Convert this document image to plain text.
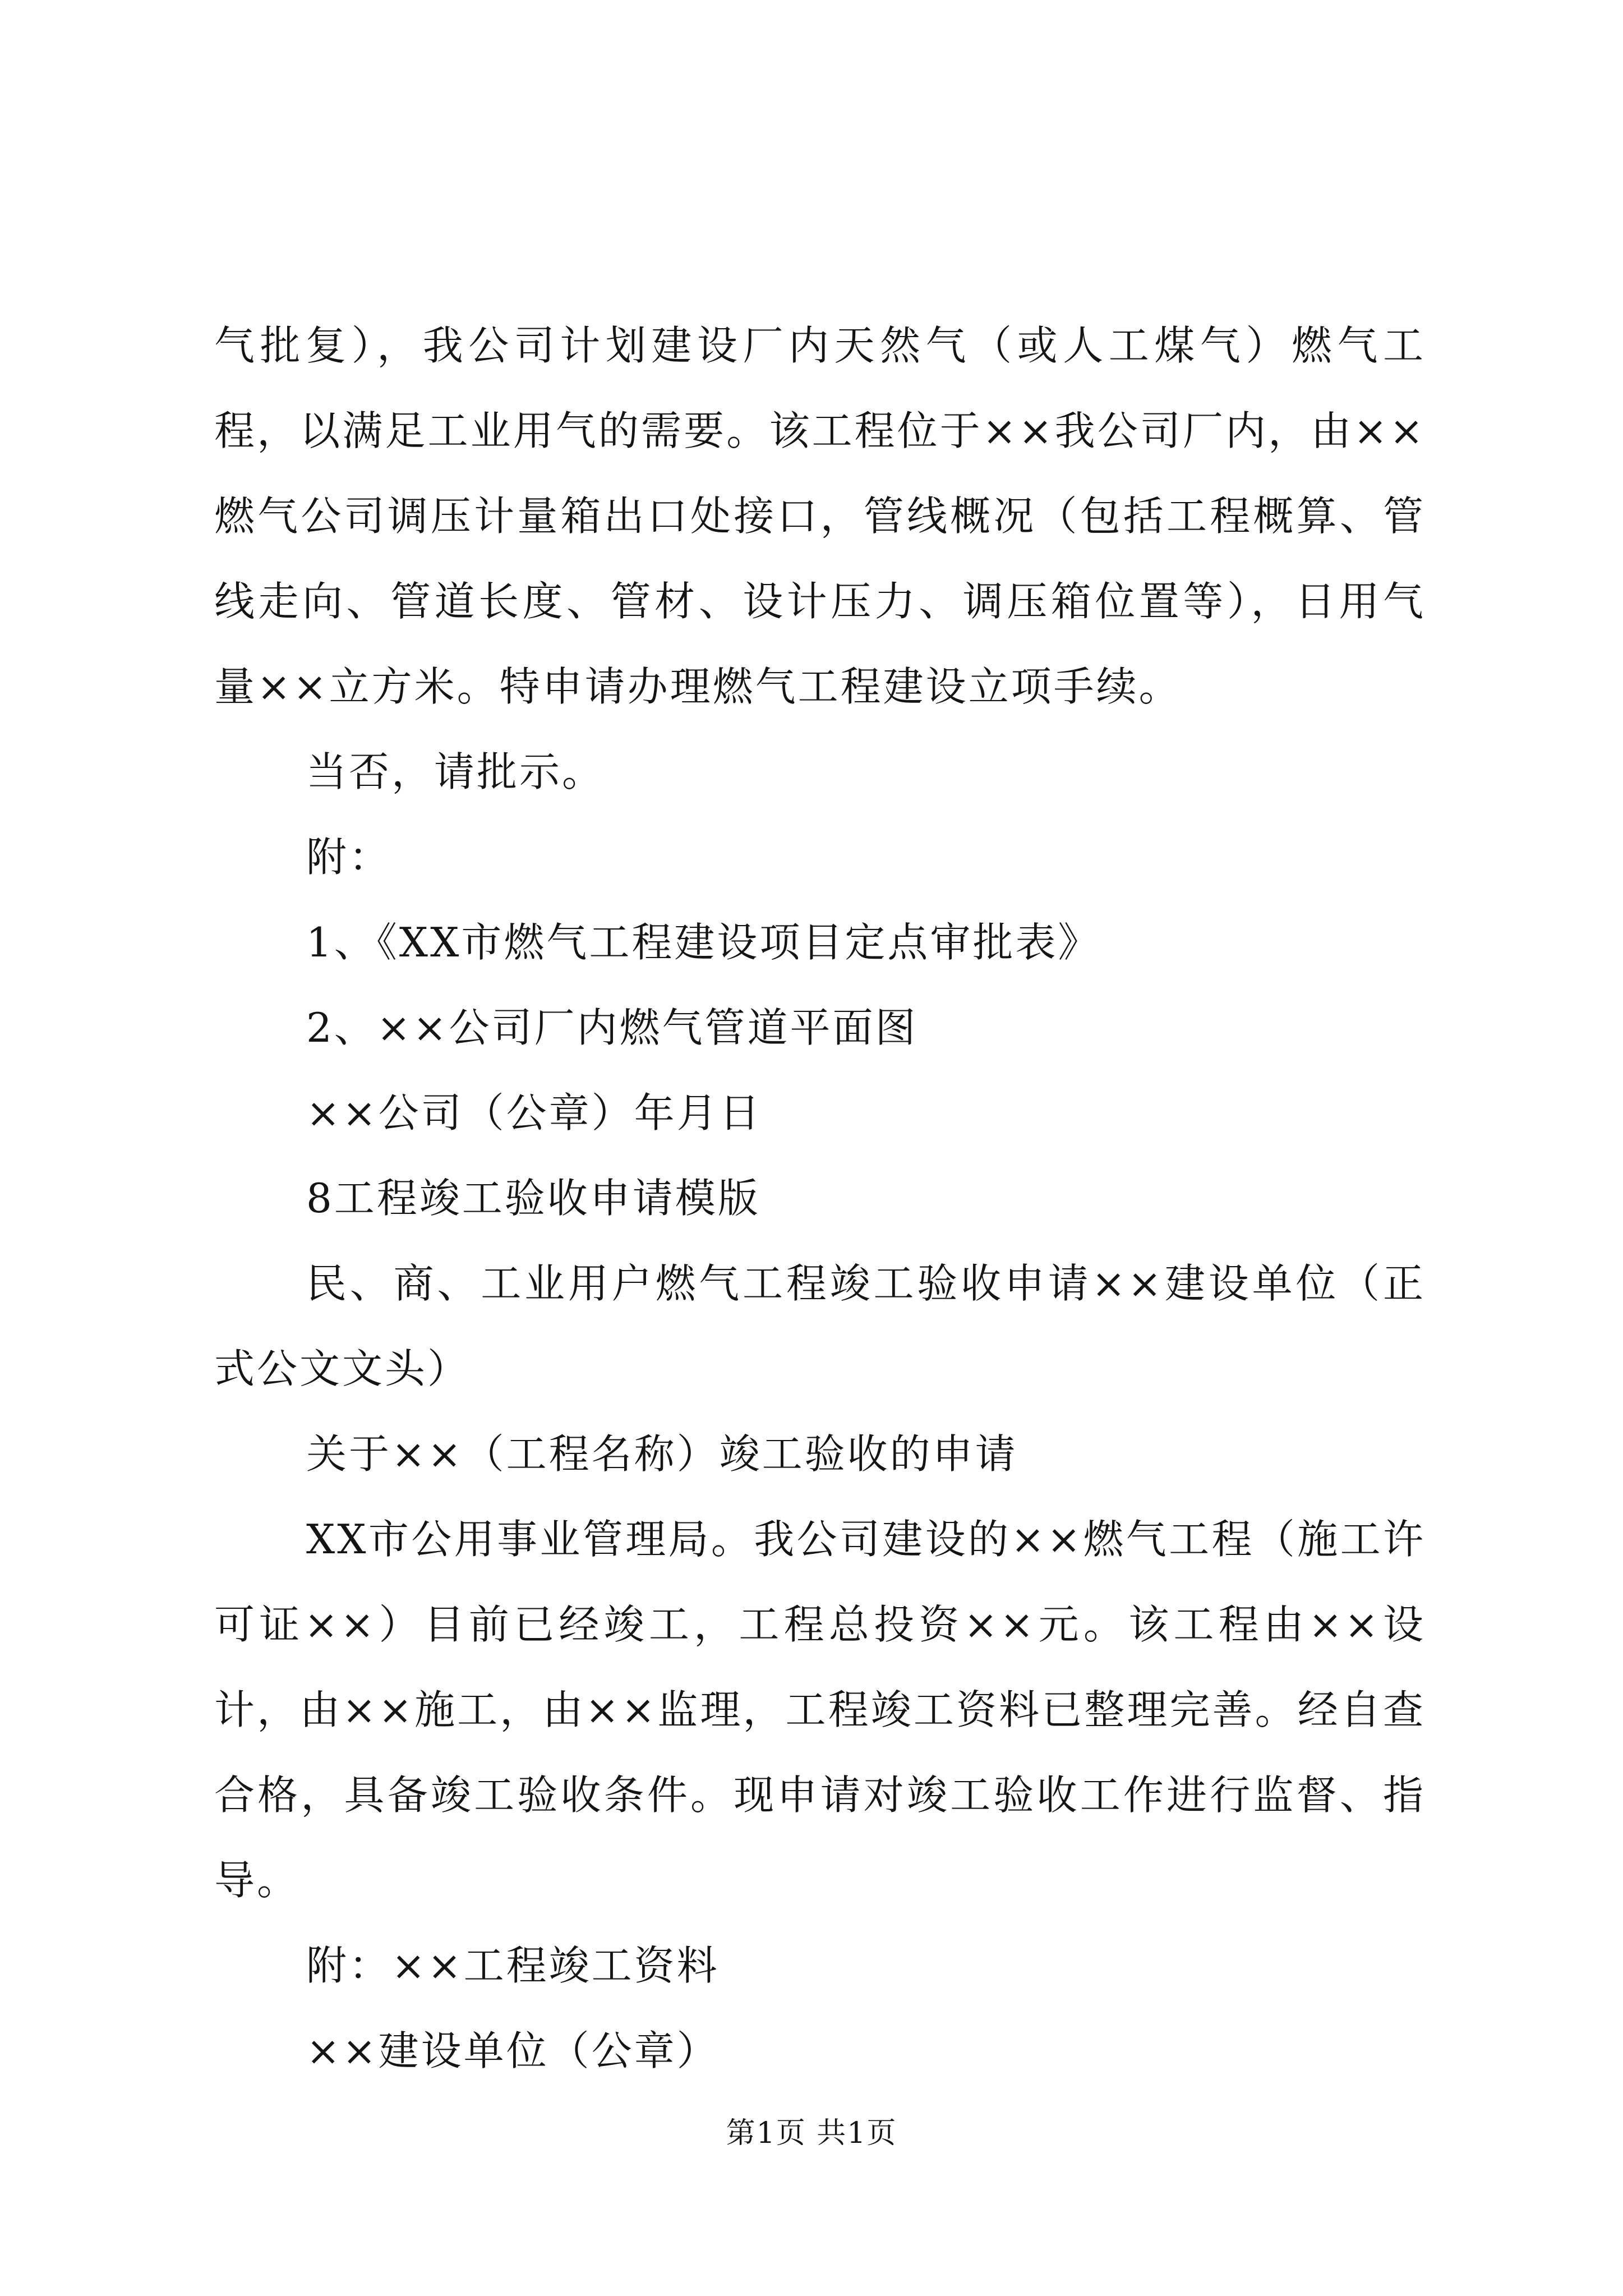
气批复），我公司计划建设厂内天然气（或人工煤气）燃气工程，以满足工业用气的需要。该工程位于××我公司厂内，由××燃气公司调压计量箱出口处接口，管线概况（包括工程概算、管线走向、管道长度、管材、设计压力、调压箱位置等），日用气量××立方米。特申请办理燃气工程建设立项手续。

当否，请批示。

附：

1、《XX市燃气工程建设项目定点审批表》

2、××公司厂内燃气管道平面图

××公司（公章）年月日

8工程竣工验收申请模版

民、商、工业用户燃气工程竣工验收申请××建设单位（正式公文文头）

关于××（工程名称）竣工验收的申请

XX市公用事业管理局。我公司建设的××燃气工程（施工许可证××）目前已经竣工，工程总投资××元。该工程由××设计，由××施工，由××监理，工程竣工资料已整理完善。经自查合格，具备竣工验收条件。现申请对竣工验收工作进行监督、指导。

附：××工程竣工资料

××建设单位（公章）

第1页 共1页
